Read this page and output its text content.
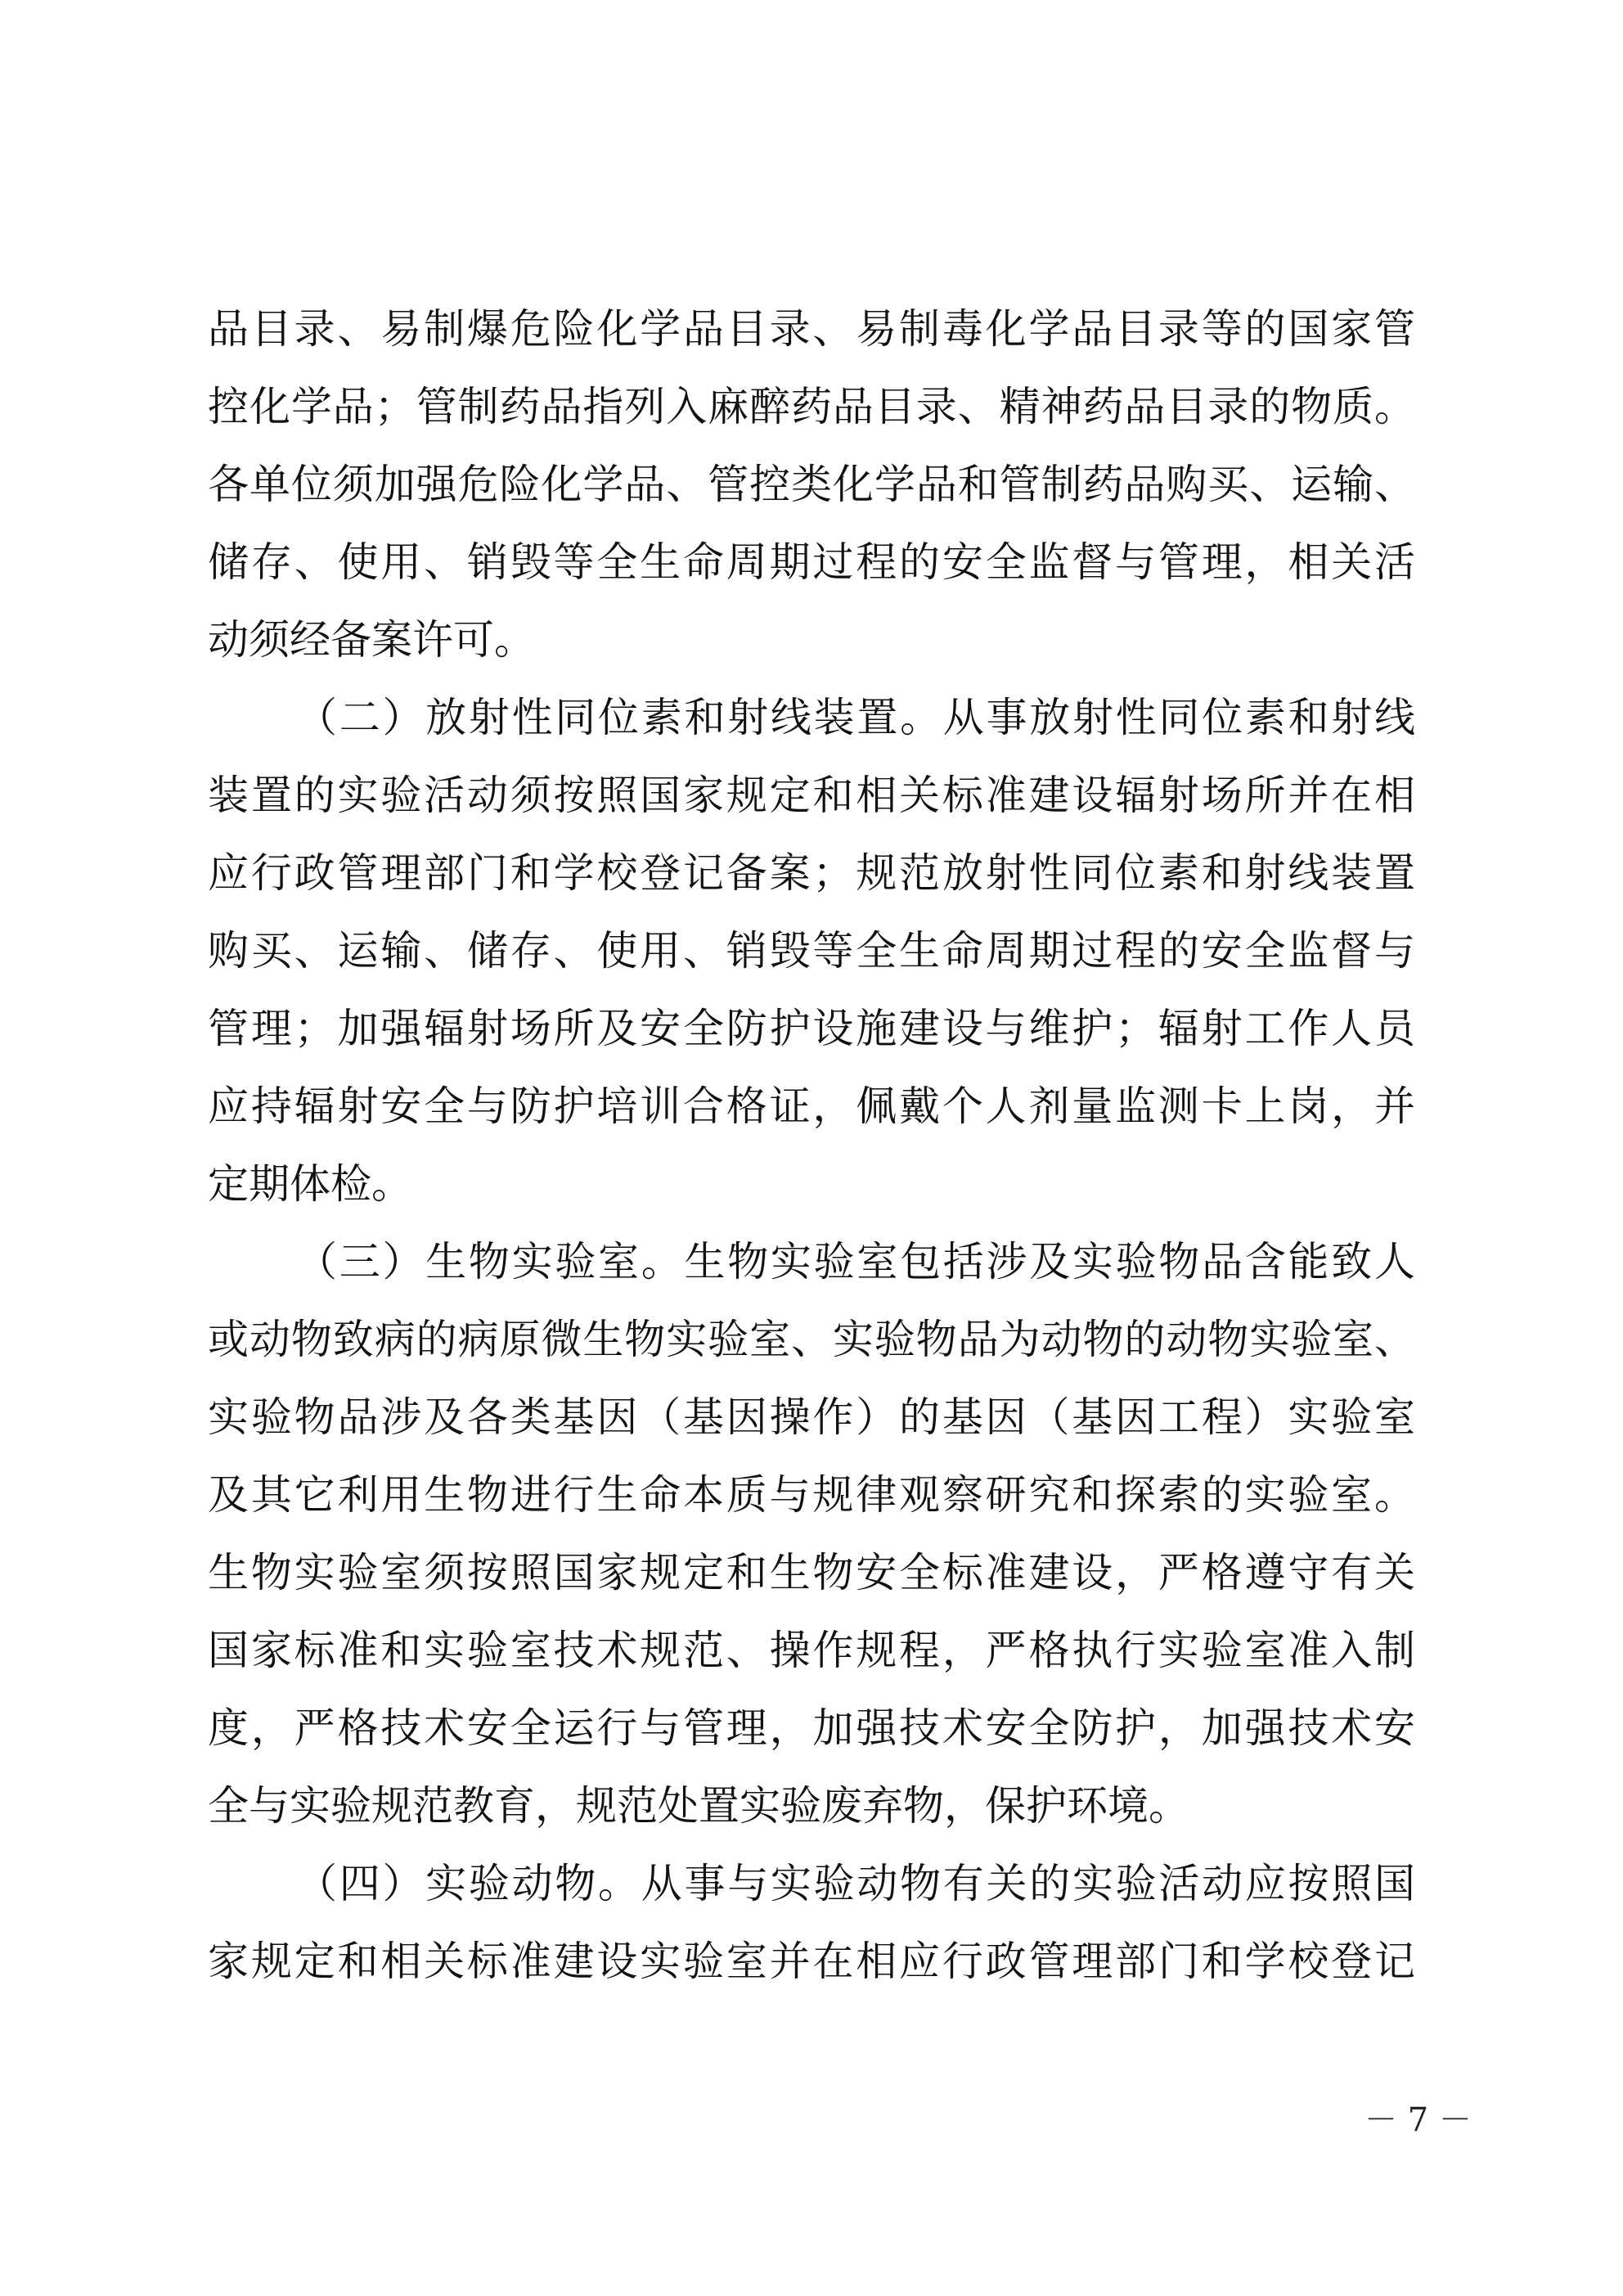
品目录、易制爆危险化学品目录、易制毒化学品目录等的国家管
控化学品；管制药品指列入麻醉药品目录、精神药品目录的物质。
各单位须加强危险化学品、管控类化学品和管制药品购买、运输、
储存、使用、销毁等全生命周期过程的安全监督与管理，相关活
动须经备案许可。
（二）放射性同位素和射线装置。从事放射性同位素和射线
装置的实验活动须按照国家规定和相关标准建设辐射场所并在相
应行政管理部门和学校登记备案；规范放射性同位素和射线装置
购买、运输、储存、使用、销毁等全生命周期过程的安全监督与
管理；加强辐射场所及安全防护设施建设与维护；辐射工作人员
应持辐射安全与防护培训合格证，佩戴个人剂量监测卡上岗，并
定期体检。
（三）生物实验室。生物实验室包括涉及实验物品含能致人
或动物致病的病原微生物实验室、实验物品为动物的动物实验室、
实验物品涉及各类基因（基因操作）的基因（基因工程）实验室
及其它利用生物进行生命本质与规律观察研究和探索的实验室。
生物实验室须按照国家规定和生物安全标准建设，严格遵守有关
国家标准和实验室技术规范、操作规程，严格执行实验室准入制
度，严格技术安全运行与管理，加强技术安全防护，加强技术安
全与实验规范教育，规范处置实验废弃物，保护环境。
（四）实验动物。从事与实验动物有关的实验活动应按照国
家规定和相关标准建设实验室并在相应行政管理部门和学校登记
－ 7 －
